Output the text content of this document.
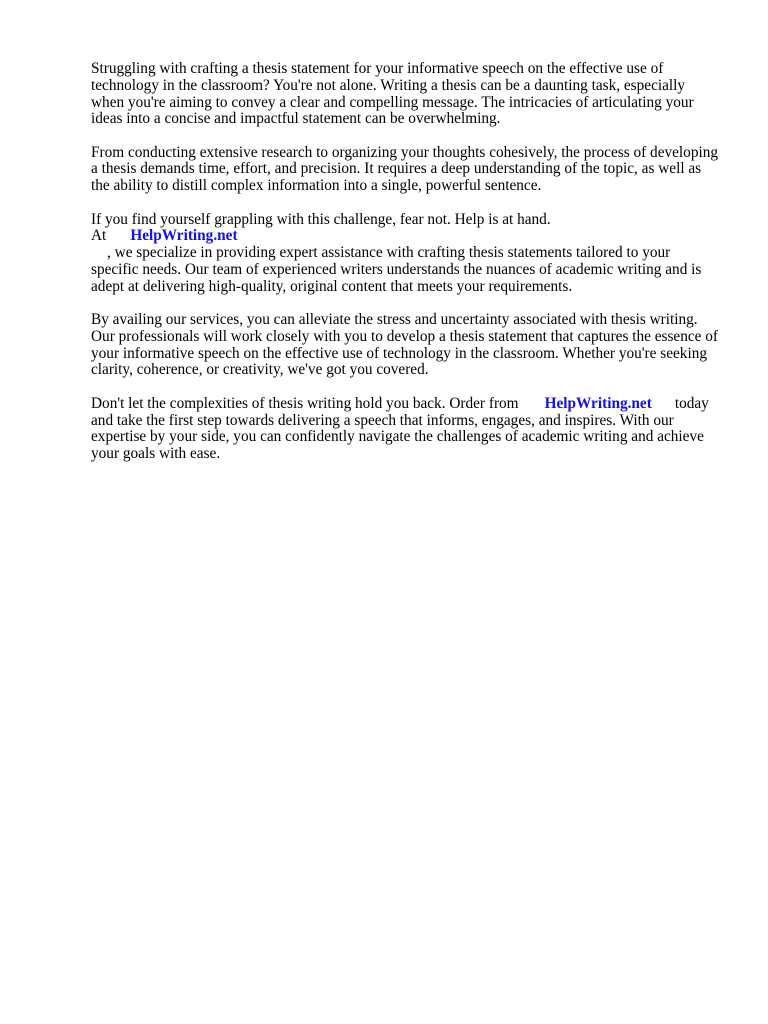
Struggling with crafting a thesis statement for your informative speech on the effective use of technology in the classroom? You're not alone. Writing a thesis can be a daunting task, especially when you're aiming to convey a clear and compelling message. The intricacies of articulating your ideas into a concise and impactful statement can be overwhelming.

From conducting extensive research to organizing your thoughts cohesively, the process of developing a thesis demands time, effort, and precision. It requires a deep understanding of the topic, as well as the ability to distill complex information into a single, powerful sentence.

If you find yourself grappling with this challenge, fear not. Help is at hand. At HelpWriting.net
, we specialize in providing expert assistance with crafting thesis statements tailored to your specific needs. Our team of experienced writers understands the nuances of academic writing and is adept at delivering high-quality, original content that meets your requirements.

By availing our services, you can alleviate the stress and uncertainty associated with thesis writing. Our professionals will work closely with you to develop a thesis statement that captures the essence of your informative speech on the effective use of technology in the classroom. Whether you're seeking clarity, coherence, or creativity, we've got you covered.

Don't let the complexities of thesis writing hold you back. Order from HelpWriting.net today and take the first step towards delivering a speech that informs, engages, and inspires. With our expertise by your side, you can confidently navigate the challenges of academic writing and achieve your goals with ease.
